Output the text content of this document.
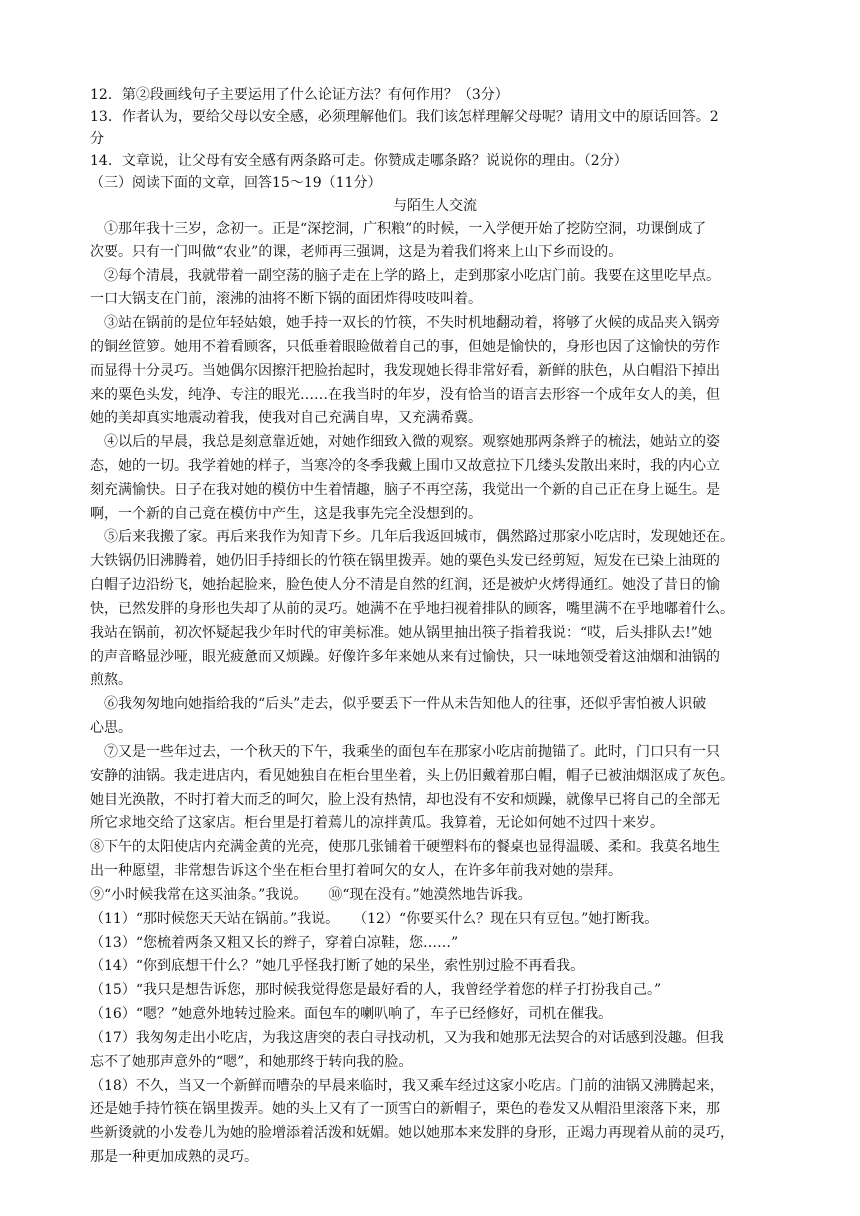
12．第②段画线句子主要运用了什么论证方法？有何作用？（3分）
13．作者认为，要给父母以安全感，必须理解他们。我们该怎样理解父母呢？请用文中的原话回答。2
分
14．文章说，让父母有安全感有两条路可走。你赞成走哪条路？说说你的理由。（2分）
（三）阅读下面的文章，回答15～19（11分）
与陌生人交流
　①那年我十三岁，念初一。正是“深挖洞，广积粮”的时候，一入学便开始了挖防空洞，功课倒成了
次要。只有一门叫做“农业”的课，老师再三强调，这是为着我们将来上山下乡而设的。
　②每个清晨，我就带着一副空荡的脑子走在上学的路上，走到那家小吃店门前。我要在这里吃早点。
一口大锅支在门前，滚沸的油将不断下锅的面团炸得吱吱叫着。
　③站在锅前的是位年轻姑娘，她手持一双长的竹筷，不失时机地翻动着，将够了火候的成品夹入锅旁
的铜丝笸箩。她用不着看顾客，只低垂着眼睑做着自己的事，但她是愉快的，身形也因了这愉快的劳作
而显得十分灵巧。当她偶尔因擦汗把脸抬起时，我发现她长得非常好看，新鲜的肤色，从白帽沿下掉出
来的粟色头发，纯净、专注的眼光……在我当时的年岁，没有恰当的语言去形容一个成年女人的美，但
她的美却真实地震动着我，使我对自己充满自卑，又充满希冀。
　④以后的早晨，我总是刻意靠近她，对她作细致入微的观察。观察她那两条辫子的梳法，她站立的姿
态，她的一切。我学着她的样子，当寒冷的冬季我戴上围巾又故意拉下几缕头发散出来时，我的内心立
刻充满愉快。日子在我对她的模仿中生着情趣，脑子不再空荡，我觉出一个新的自己正在身上诞生。是
啊，一个新的自己竟在模仿中产生，这是我事先完全没想到的。
　⑤后来我搬了家。再后来我作为知青下乡。几年后我返回城市，偶然路过那家小吃店时，发现她还在。
大铁锅仍旧沸腾着，她仍旧手持细长的竹筷在锅里拨弄。她的粟色头发已经剪短，短发在已染上油斑的
白帽子边沿纷飞，她抬起脸来，脸色使人分不清是自然的红润，还是被炉火烤得通红。她没了昔日的愉
快，已然发胖的身形也失却了从前的灵巧。她满不在乎地扫视着排队的顾客，嘴里满不在乎地嘟着什么。
我站在锅前，初次怀疑起我少年时代的审美标准。她从锅里抽出筷子指着我说：“哎，后头排队去!”她
的声音略显沙哑，眼光疲惫而又烦躁。好像许多年来她从来有过愉快，只一味地领受着这油烟和油锅的
煎熬。
　⑥我匆匆地向她指给我的“后头”走去，似乎要丢下一件从未告知他人的往事，还似乎害怕被人识破
心思。
　⑦又是一些年过去，一个秋天的下午，我乘坐的面包车在那家小吃店前抛锚了。此时，门口只有一只
安静的油锅。我走进店内，看见她独自在柜台里坐着，头上仍旧戴着那白帽，帽子已被油烟沤成了灰色。
她目光涣散，不时打着大而乏的呵欠，脸上没有热情，却也没有不安和烦躁，就像早已将自己的全部无
所它求地交给了这家店。柜台里是打着蔫儿的凉拌黄瓜。我算着，无论如何她不过四十来岁。
⑧下午的太阳使店内充满金黄的光亮，使那几张铺着干硬塑料布的餐桌也显得温暖、柔和。我莫名地生
出一种愿望，非常想告诉这个坐在柜台里打着呵欠的女人，在许多年前我对她的崇拜。
⑨“小时候我常在这买油条。”我说。　　⑩“现在没有。”她漠然地告诉我。
（11）“那时候您天天站在锅前。”我说。　　（12）“你要买什么？现在只有豆包。”她打断我。
（13）“您梳着两条又粗又长的辫子，穿着白凉鞋，您……”
（14）“你到底想干什么？”她几乎怪我打断了她的呆坐，索性别过脸不再看我。
（15）“我只是想告诉您，那时候我觉得您是最好看的人，我曾经学着您的样子打扮我自己。”
（16）“嗯？”她意外地转过脸来。面包车的喇叭响了，车子已经修好，司机在催我。
（17）我匆匆走出小吃店，为我这唐突的表白寻找动机，又为我和她那无法契合的对话感到没趣。但我
忘不了她那声意外的“嗯”，和她那终于转向我的脸。
（18）不久，当又一个新鲜而嘈杂的早晨来临时，我又乘车经过这家小吃店。门前的油锅又沸腾起来，
还是她手持竹筷在锅里拨弄。她的头上又有了一顶雪白的新帽子，栗色的卷发又从帽沿里滚落下来，那
些新烫就的小发卷儿为她的脸增添着活泼和妩媚。她以她那本来发胖的身形，正竭力再现着从前的灵巧，
那是一种更加成熟的灵巧。
